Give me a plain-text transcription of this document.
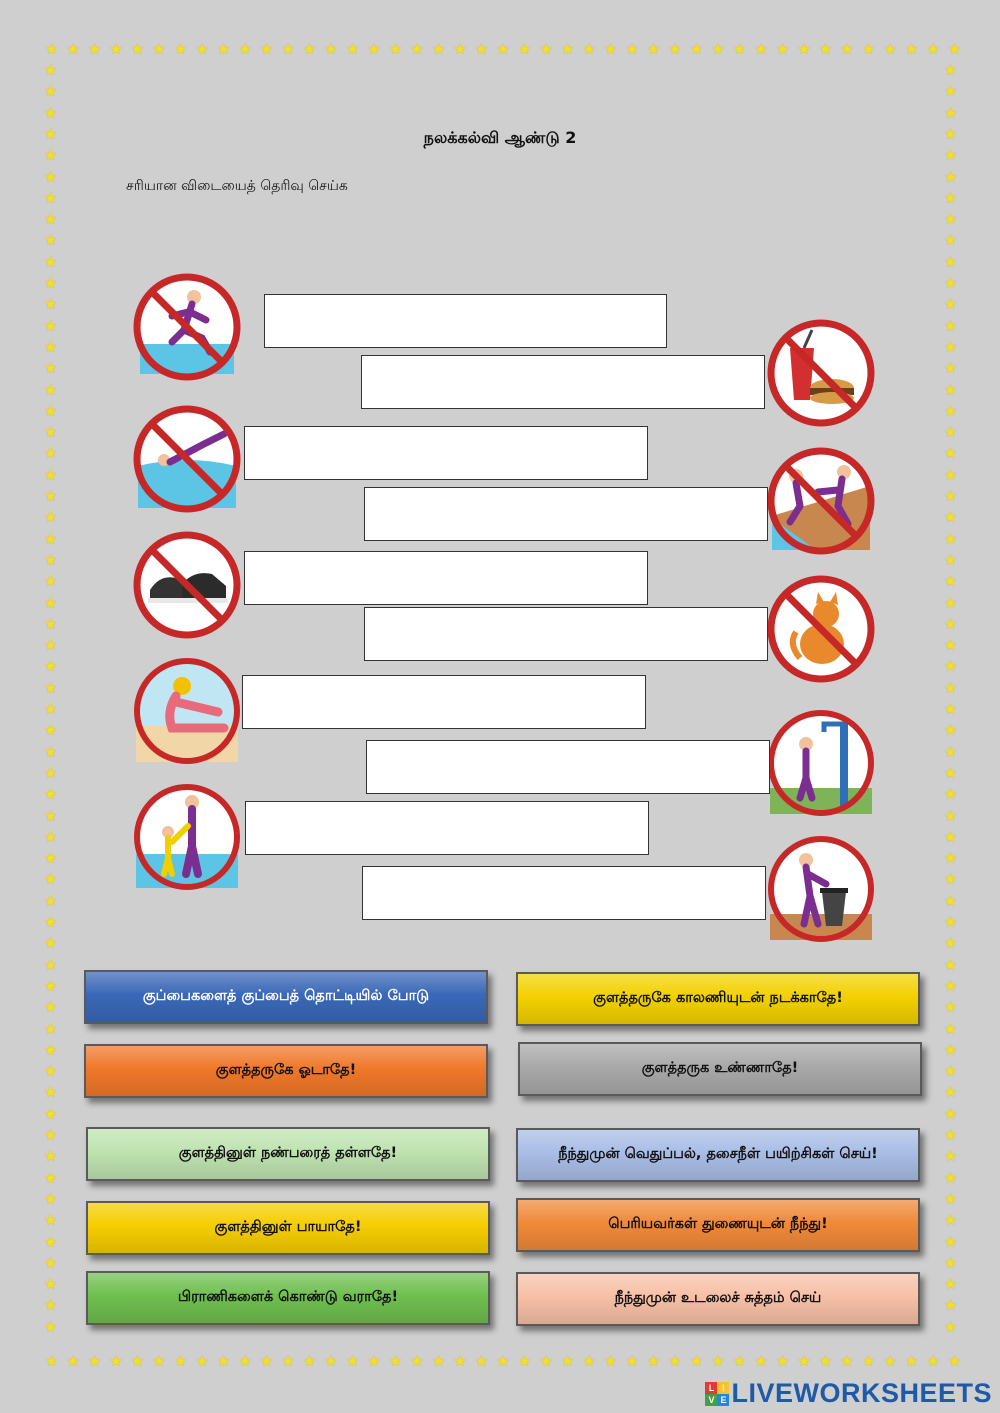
★
★
★
★
★
★
★
★
★
★
★
★
★
★
★
★
★
★
★
★
★
★
★
★
★
★
★
★
★
★
★
★
★
★
★
★
★
★
★
★
★
★
★
★
★
★
★
★
★
★
★
★
★
★
★
★
★
★
★
★
★
★
★
★
★
★
★
★
★
★
★
★
★
★
★
★
★
★
★
★
★
★
★
★
★
★
★	★
★	★
★	★
★	★
★	★
★	★
★	★
★	★
★	★
★	★
★	★
★	★
★	★
★	★
★	★
★	★
★	★
★	★
★	★
★	★
★	★
★	★
★	★
★	★
★	★
★	★
★	★
★	★
★	★
★	★
★	★
★	★
★	★
★	★
★	★
★	★
★	★
★	★
★	★
★	★
★	★
★	★
★	★
★	★
★	★
★	★
★	★
★	★
★	★
★	★
★	★
★	★
★	★
★	★
★	★
★	★
★	★
★	★
★	★
★	★
நலக்கல்வி ஆண்டு 2
சரியான விடையைத் தெரிவு செய்க
குப்பைகளைத் குப்பைத் தொட்டியில் போடு	குளத்தருகே காலணியுடன் நடக்காதே!
குளத்தருகே ஓடாதே!	குளத்தருக உண்ணாதே!
குளத்தினுள் நண்பரைத் தள்ளதே!	நீந்துமுன் வெதுப்பல், தசைநீள் பயிற்சிகள் செய்!
குளத்தினுள் பாயாதே!	பெரியவர்கள் துணையுடன் நீந்து!
பிராணிகளைக் கொண்டு வராதே!	நீந்துமுன் உடலைச் சுத்தம் செய்
L I
V E LIVEWORKSHEETS
